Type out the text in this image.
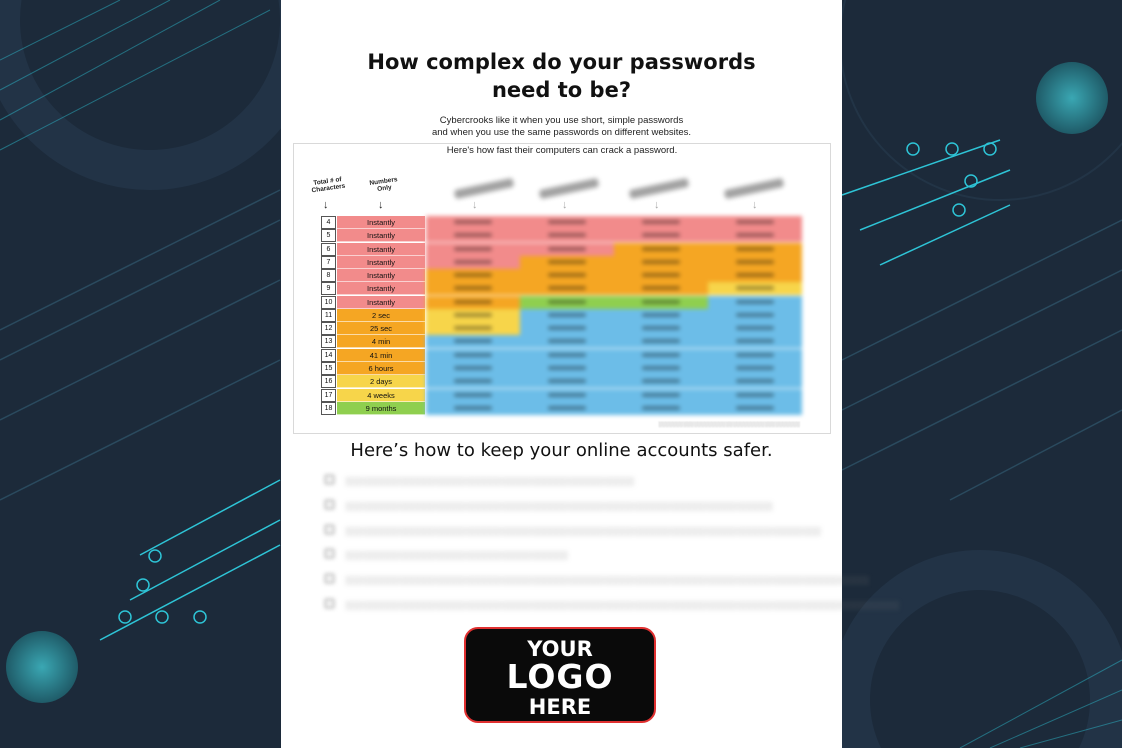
How complex do your passwords
need to be?
Cybercrooks like it when you use short, simple passwords
and when you use the same passwords on different websites.
Here's how fast their computers can crack a password.
Total # of Characters
Numbers Only
↓	↓	↓	↓	↓	↓
4	Instantly
5	Instantly
6	Instantly
7	Instantly
8	Instantly
9	Instantly
10	Instantly
11	2 sec
12	25 sec
13	4 min
14	41 min
15	6 hours
16	2 days
17	4 weeks
18	9 months
░░░░░░░░░░░░░░░░░░░░░░░░░░░░░░░░░░░░░░░░
Here’s how to keep your online accounts safer.
░░░░░░░░░░░░░░░░░░░░░░░░░░░░░░░░░░░░░░░░░░░░░░░░
░░░░░░░░░░░░░░░░░░░░░░░░░░░░░░░░░░░░░░░░░░░░░░░░░░░░░░░░░░░░░░░░░░░░░░░
░░░░░░░░░░░░░░░░░░░░░░░░░░░░░░░░░░░░░░░░░░░░░░░░░░░░░░░░░░░░░░░░░░░░░░░░░░░░░░░
░░░░░░░░░░░░░░░░░░░░░░░░░░░░░░░░░░░░░
░░░░░░░░░░░░░░░░░░░░░░░░░░░░░░░░░░░░░░░░░░░░░░░░░░░░░░░░░░░░░░░░░░░░░░░░░░░░░░░░░░░░░░░
░░░░░░░░░░░░░░░░░░░░░░░░░░░░░░░░░░░░░░░░░░░░░░░░░░░░░░░░░░░░░░░░░░░░░░░░░░░░░░░░░░░░░░░░░░░░
YOUR
LOGO
HERE
